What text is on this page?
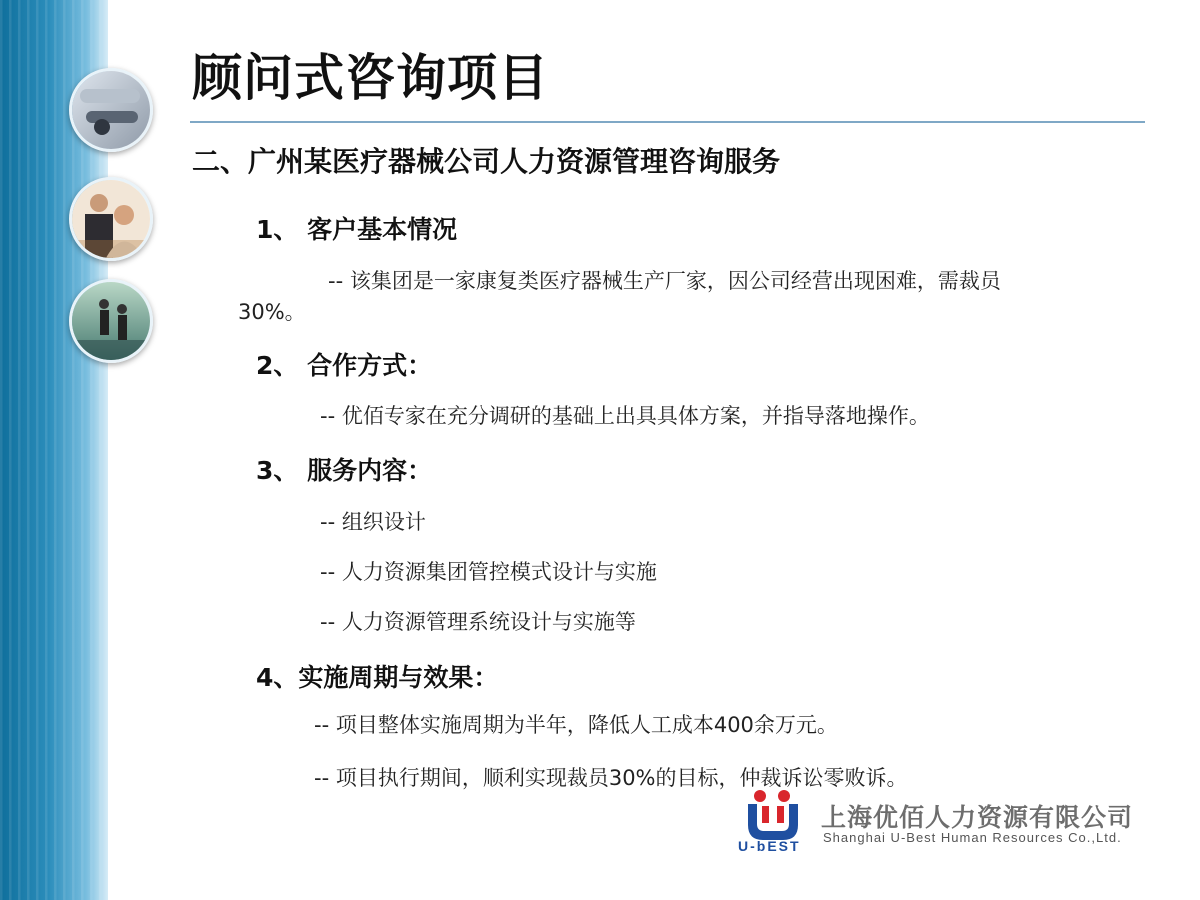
顾问式咨询项目
二、广州某医疗器械公司人力资源管理咨询服务
1、 客户基本情况
-- 该集团是一家康复类医疗器械生产厂家，因公司经营出现困难，需裁员
30%。
2、 合作方式：
-- 优佰专家在充分调研的基础上出具具体方案，并指导落地操作。
3、 服务内容：
-- 组织设计
-- 人力资源集团管控模式设计与实施
-- 人力资源管理系统设计与实施等
4、实施周期与效果：
-- 项目整体实施周期为半年，降低人工成本400余万元。
-- 项目执行期间，顺利实现裁员30%的目标，仲裁诉讼零败诉。
U-bEST
上海优佰人力资源有限公司
Shanghai U-Best Human Resources Co.,Ltd.
